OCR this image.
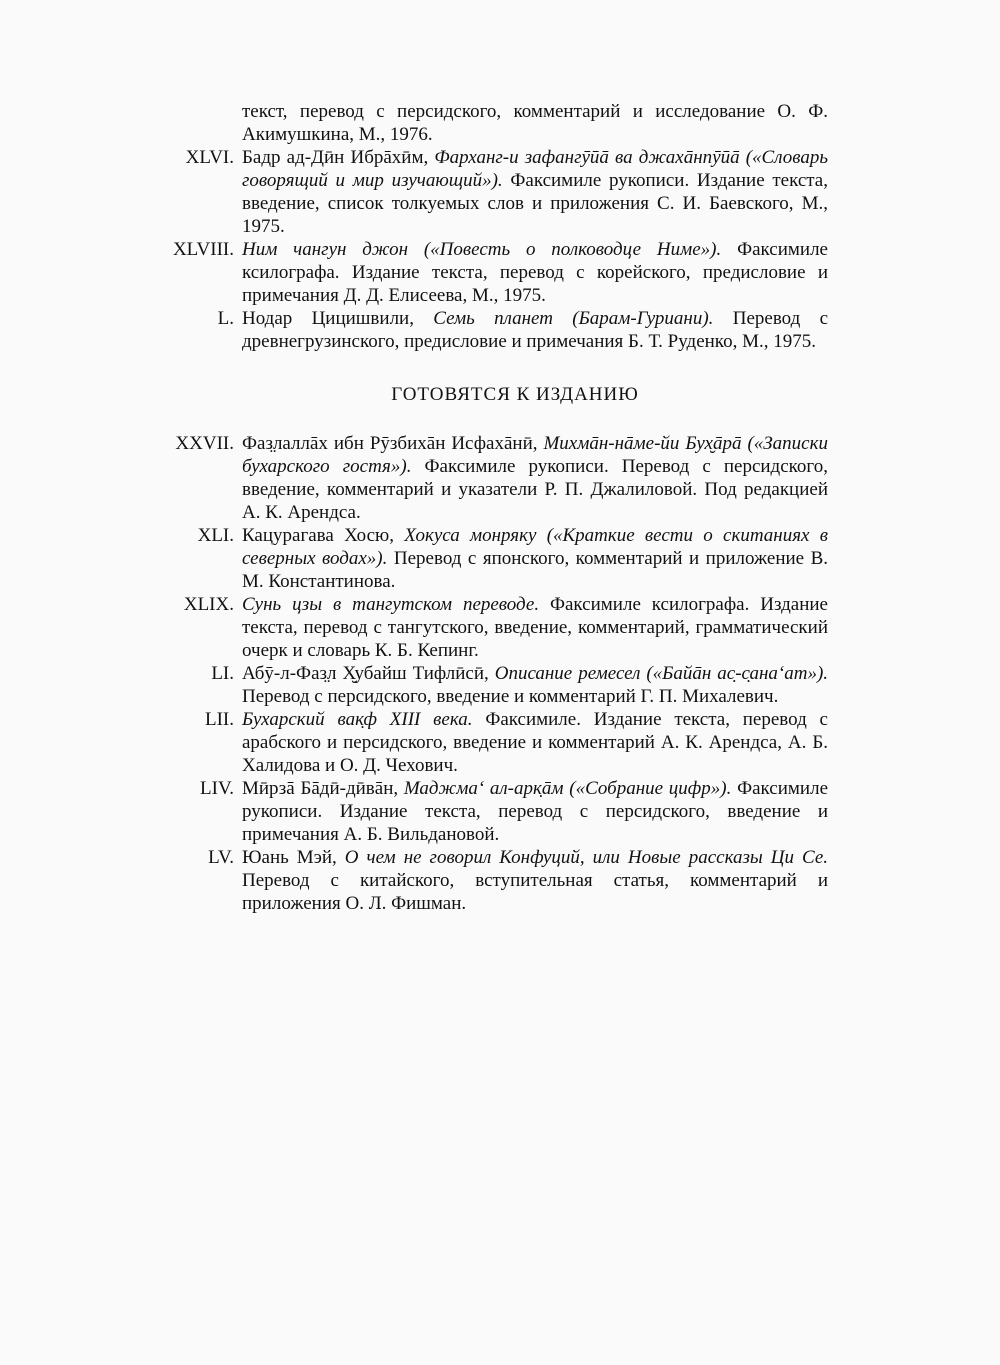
текст, перевод с персидского, комментарий и исследование О. Ф. Акимушкина, М., 1976.
XLVI. Бадр ад-Дӣн Ибрāхӣм, Фарханг-и зафангӯӣā ва джахāнпӯӣā («Словарь говорящий и мир изучающий»). Факсимиле рукописи. Издание текста, введение, список толкуемых слов и приложения С. И. Баевского, М., 1975.
XLVIII. Ним чангун джон («Повесть о полководце Ниме»). Факсимиле ксилографа. Издание текста, перевод с корейского, предисловие и примечания Д. Д. Елисеева, М., 1975.
L. Нодар Цицишвили, Семь планет (Барам-Гуриани). Перевод с древнегрузинского, предисловие и примечания Б. Т. Руденко, М., 1975.
ГОТОВЯТСЯ К ИЗДАНИЮ
XXVII. Фаз̤лаллāх ибн Рӯзбихāн Исфахāнӣ, Михмāн-нāме-йи Бух̮āрā («Записки бухарского гостя»). Факсимиле рукописи. Перевод с персидского, введение, комментарий и указатели Р. П. Джалиловой. Под редакцией А. К. Арендса.
XLI. Кацурагава Хосю, Хокуса монряку («Краткие вести о скитаниях в северных водах»). Перевод с японского, комментарий и приложение В. М. Константинова.
XLIX. Сунь цзы в тангутском переводе. Факсимиле ксилографа. Издание текста, перевод с тангутского, введение, комментарий, грамматический очерк и словарь К. Б. Кепинг.
LI. Абӯ-л-Фаз̤л Х̮убайш Тифлӣсӣ, Описание ремесел («Байāн ас̣-с̣ана‘ат»). Перевод с персидского, введение и комментарий Г. П. Михалевич.
LII. Бухарский вак̣ф XIII века. Факсимиле. Издание текста, перевод с арабского и персидского, введение и комментарий А. К. Арендса, А. Б. Халидова и О. Д. Чехович.
LIV. Мӣрзā Бāдӣ-дӣвāн, Маджма‘ ал-арк̣āм («Собрание цифр»). Факсимиле рукописи. Издание текста, перевод с персидского, введение и примечания А. Б. Вильдановой.
LV. Юань Мэй, О чем не говорил Конфуций, или Новые рассказы Ци Се. Перевод с китайского, вступительная статья, комментарий и приложения О. Л. Фишман.
